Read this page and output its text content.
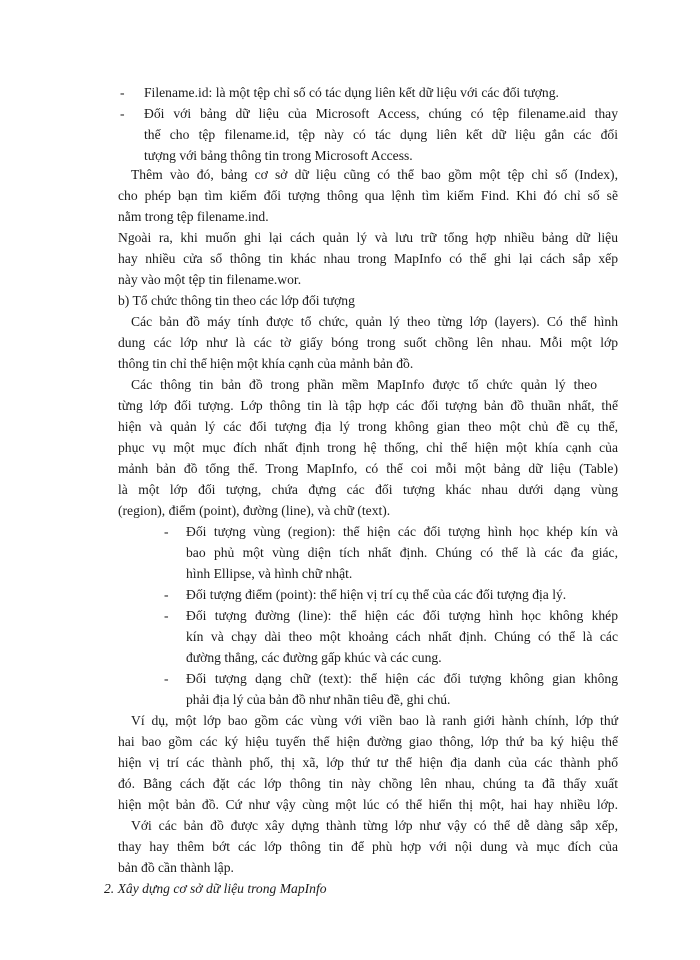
- Filename.id: là một tệp chỉ số có tác dụng liên kết dữ liệu với các đối tượng.
- Đối với bảng dữ liệu của Microsoft Access, chúng có tệp filename.aid thay
thế cho tệp filename.id, tệp này có tác dụng liên kết dữ liệu gắn các đối
tượng với bảng thông tin trong Microsoft Access.
Thêm vào đó, bảng cơ sở dữ liệu cũng có thể bao gồm một tệp chỉ số (Index),
cho phép bạn tìm kiếm đối tượng thông qua lệnh tìm kiếm Find. Khi đó chỉ số sẽ
nằm trong tệp filename.ind.
Ngoài ra, khi muốn ghi lại cách quản lý và lưu trữ tổng hợp nhiều bảng dữ liệu
hay nhiều cửa sổ thông tin khác nhau trong MapInfo có thể ghi lại cách sắp xếp
này vào một tệp tin filename.wor.
b) Tổ chức thông tin theo các lớp đối tượng
Các bản đồ máy tính được tổ chức, quản lý theo từng lớp (layers). Có thể hình
dung các lớp như là các tờ giấy bóng trong suốt chồng lên nhau. Mỗi một lớp
thông tin chỉ thể hiện một khía cạnh của mảnh bản đồ.
Các thông tin bản đồ trong phần mềm MapInfo được tổ chức quản lý theo
từng lớp đối tượng. Lớp thông tin là tập hợp các đối tượng bản đồ thuần nhất, thể
hiện và quản lý các đối tượng địa lý trong không gian theo một chủ đề cụ thể,
phục vụ một mục đích nhất định trong hệ thống, chỉ thể hiện một khía cạnh của
mảnh bản đồ tổng thể. Trong MapInfo, có thể coi mỗi một bảng dữ liệu (Table)
là một lớp đối tượng, chứa đựng các đối tượng khác nhau dưới dạng vùng
(region), điểm (point), đường (line), và chữ (text).
- Đối tượng vùng (region): thể hiện các đối tượng hình học khép kín và
bao phủ một vùng diện tích nhất định. Chúng có thể là các đa giác,
hình Ellipse, và hình chữ nhật.
- Đối tượng điểm (point): thể hiện vị trí cụ thể của các đối tượng địa lý.
- Đối tượng đường (line): thể hiện các đối tượng hình học không khép
kín và chạy dài theo một khoảng cách nhất định. Chúng có thể là các
đường thẳng, các đường gấp khúc và các cung.
- Đối tượng dạng chữ (text): thể hiện các đối tượng không gian không
phải địa lý của bản đồ như nhãn tiêu đề, ghi chú.
Ví dụ, một lớp bao gồm các vùng với viền bao là ranh giới hành chính, lớp thứ
hai bao gồm các ký hiệu tuyến thể hiện đường giao thông, lớp thứ ba ký hiệu thể
hiện vị trí các thành phố, thị xã, lớp thứ tư thể hiện địa danh của các thành phố
đó. Bằng cách đặt các lớp thông tin này chồng lên nhau, chúng ta đã thấy xuất
hiện một bản đồ. Cứ như vậy cùng một lúc có thể hiển thị một, hai hay nhiều lớp.
Với các bản đồ được xây dựng thành từng lớp như vậy có thể dễ dàng sắp xếp,
thay hay thêm bớt các lớp thông tin để phù hợp với nội dung và mục đích của
bản đồ cần thành lập.
2. Xây dựng cơ sở dữ liệu trong MapInfo
